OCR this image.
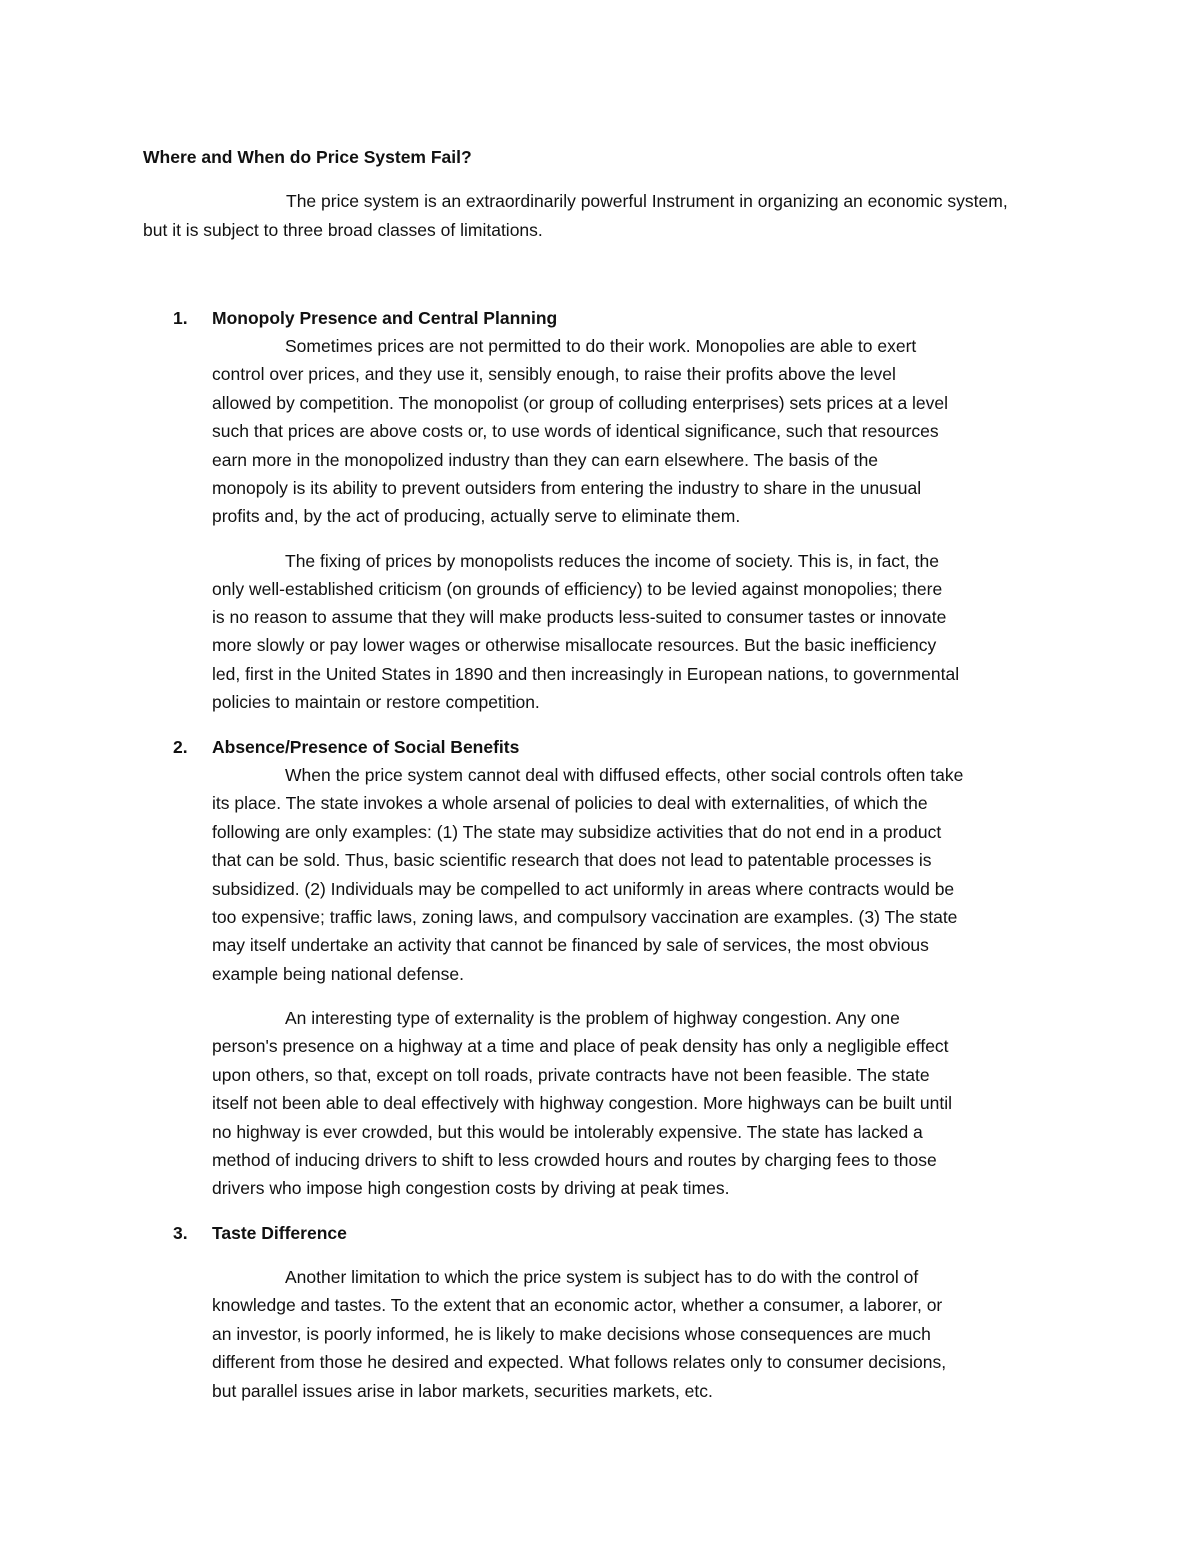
Where and When do Price System Fail?

The price system is an extraordinarily powerful Instrument in organizing an economic system,

but it is subject to three broad classes of limitations.

1. Monopoly Presence and Central Planning

Sometimes prices are not permitted to do their work. Monopolies are able to exert

control over prices, and they use it, sensibly enough, to raise their profits above the level

allowed by competition. The monopolist (or group of colluding enterprises) sets prices at a level

such that prices are above costs or, to use words of identical significance, such that resources

earn more in the monopolized industry than they can earn elsewhere. The basis of the

monopoly is its ability to prevent outsiders from entering the industry to share in the unusual

profits and, by the act of producing, actually serve to eliminate them.

The fixing of prices by monopolists reduces the income of society. This is, in fact, the

only well-established criticism (on grounds of efficiency) to be levied against monopolies; there

is no reason to assume that they will make products less-suited to consumer tastes or innovate

more slowly or pay lower wages or otherwise misallocate resources. But the basic inefficiency

led, first in the United States in 1890 and then increasingly in European nations, to governmental

policies to maintain or restore competition.

2. Absence/Presence of Social Benefits

When the price system cannot deal with diffused effects, other social controls often take

its place. The state invokes a whole arsenal of policies to deal with externalities, of which the

following are only examples: (1) The state may subsidize activities that do not end in a product

that can be sold. Thus, basic scientific research that does not lead to patentable processes is

subsidized. (2) Individuals may be compelled to act uniformly in areas where contracts would be

too expensive; traffic laws, zoning laws, and compulsory vaccination are examples. (3) The state

may itself undertake an activity that cannot be financed by sale of services, the most obvious

example being national defense.

An interesting type of externality is the problem of highway congestion. Any one

person's presence on a highway at a time and place of peak density has only a negligible effect

upon others, so that, except on toll roads, private contracts have not been feasible. The state

itself not been able to deal effectively with highway congestion. More highways can be built until

no highway is ever crowded, but this would be intolerably expensive. The state has lacked a

method of inducing drivers to shift to less crowded hours and routes by charging fees to those

drivers who impose high congestion costs by driving at peak times.

3. Taste Difference

Another limitation to which the price system is subject has to do with the control of

knowledge and tastes. To the extent that an economic actor, whether a consumer, a laborer, or

an investor, is poorly informed, he is likely to make decisions whose consequences are much

different from those he desired and expected. What follows relates only to consumer decisions,

but parallel issues arise in labor markets, securities markets, etc.
